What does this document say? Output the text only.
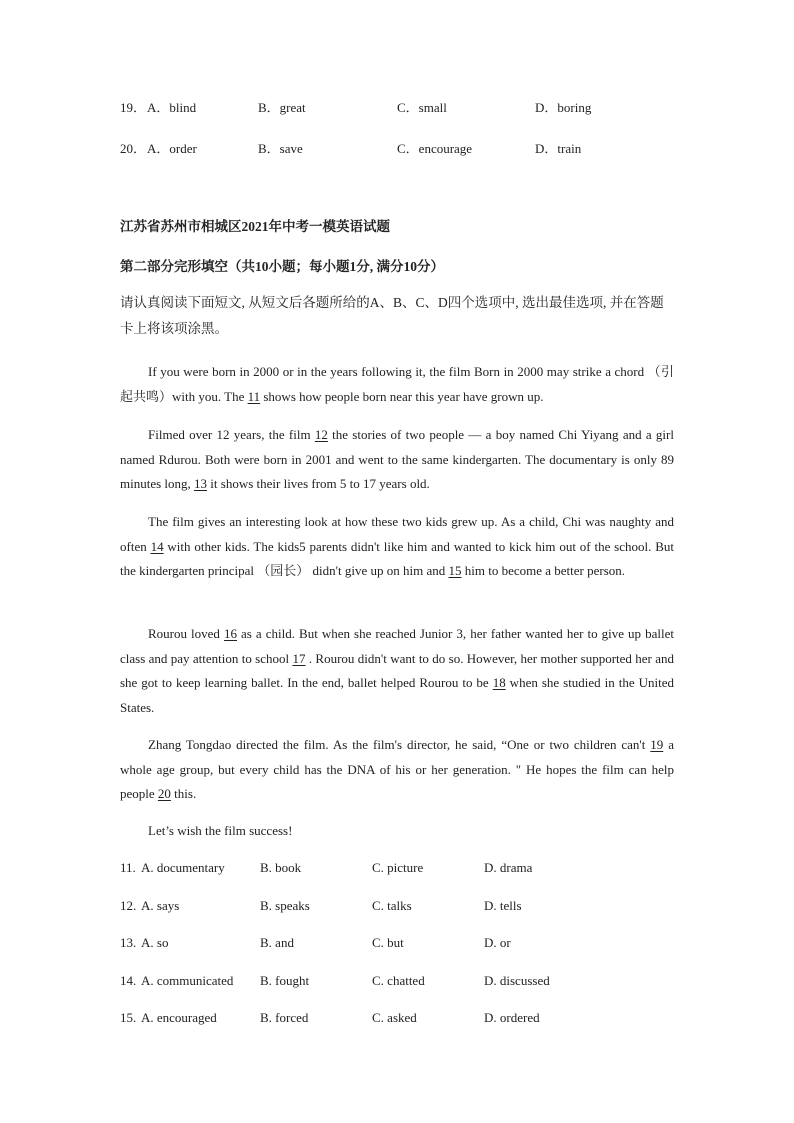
19． A．blind	B．great	C．small	D．boring
20． A．order	B．save	C．encourage	D．train
江苏省苏州市相城区2021年中考一模英语试题
第二部分完形填空（共10小题；每小题1分, 满分10分）
请认真阅读下面短文, 从短文后各题所给的A、B、C、D四个选项中, 选出最佳选项, 并在答题卡上将该项涂黑。
If you were born in 2000 or in the years following it, the film Born in 2000 may strike a chord （引起共鸣）with you. The 11 shows how people born near this year have grown up.
Filmed over 12 years, the film 12 the stories of two people — a boy named Chi Yiyang and a girl named Rdurou. Both were born in 2001 and went to the same kindergarten. The documentary is only 89 minutes long, 13 it shows their lives from 5 to 17 years old.
The film gives an interesting look at how these two kids grew up. As a child, Chi was naughty and often 14 with other kids. The kids5 parents didn't like him and wanted to kick him out of the school. But the kindergarten principal （园长） didn't give up on him and 15 him to become a better person.
Rourou loved 16 as a child. But when she reached Junior 3, her father wanted her to give up ballet class and pay attention to school 17 . Rourou didn't want to do so. However, her mother supported her and she got to keep learning ballet. In the end, ballet helped Rourou to be 18 when she studied in the United States.
Zhang Tongdao directed the film. As the film's director, he said, “One or two children can't 19 a whole age group, but every child has the DNA of his or her generation. " He hopes the film can help people 20 this.
Let’s wish the film success!
11. A. documentary	B. book	C. picture	D. drama
12. A. says	B. speaks	C. talks	D. tells
13. A. so	B. and	C. but	D. or
14. A. communicated B. fought	C. chatted	D. discussed
15. A. encouraged	B. forced	C. asked	D. ordered
